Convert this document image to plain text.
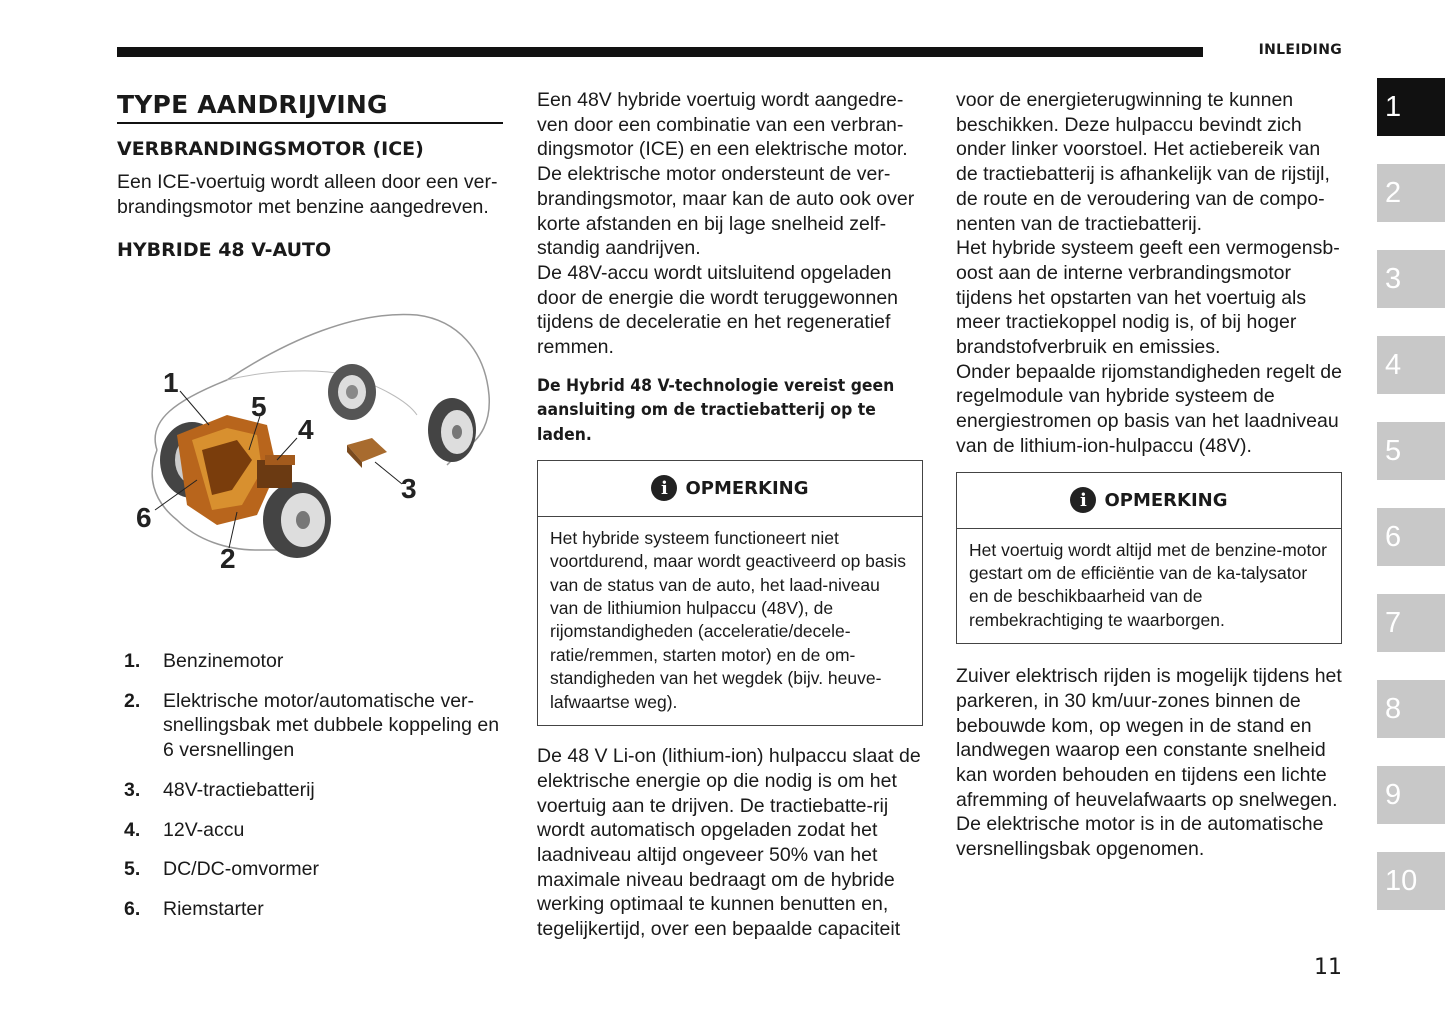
INLEIDING
1
2
3
4
5
6
7
8
9
10
TYPE AANDRIJVING
VERBRANDINGSMOTOR (ICE)

Een ICE-voertuig wordt alleen door een ver-brandingsmotor met benzine aangedreven.

HYBRIDE 48 V-AUTO
1
5
4
3
6
2
1. Benzinemotor
2. Elektrische motor/automatische ver-snellingsbak met dubbele koppeling en 6 versnellingen
3. 48V-tractiebatterij
4. 12V-accu
5. DC/DC-omvormer
6. Riemstarter

Een 48V hybride voertuig wordt aangedre-ven door een combinatie van een verbran-dingsmotor (ICE) en een elektrische motor. De elektrische motor ondersteunt de ver-brandingsmotor, maar kan de auto ook over korte afstanden en bij lage snelheid zelf-standig aandrijven.

De 48V-accu wordt uitsluitend opgeladen door de energie die wordt teruggewonnen tijdens de deceleratie en het regeneratief remmen.

De Hybrid 48 V-technologie vereist geen aansluiting om de tractiebatterij op te laden.
i OPMERKING
Het hybride systeem functioneert niet voortdurend, maar wordt geactiveerd op basis van de status van de auto, het laad-niveau van de lithiumion hulpaccu (48V), de rijomstandigheden (acceleratie/decele-ratie/remmen, starten motor) en de om-standigheden van het wegdek (bijv. heuve-lafwaartse weg).

De 48 V Li-on (lithium-ion) hulpaccu slaat de elektrische energie op die nodig is om het voertuig aan te drijven. De tractiebatte-rij wordt automatisch opgeladen zodat het laadniveau altijd ongeveer 50% van het maximale niveau bedraagt om de hybride werking optimaal te kunnen benutten en, tegelijkertijd, over een bepaalde capaciteit

voor de energieterugwinning te kunnen beschikken. Deze hulpaccu bevindt zich onder linker voorstoel. Het actiebereik van de tractiebatterij is afhankelijk van de rijstijl, de route en de veroudering van de compo-nenten van de tractiebatterij.

Het hybride systeem geeft een vermogensb-oost aan de interne verbrandingsmotor tijdens het opstarten van het voertuig als meer tractiekoppel nodig is, of bij hoger brandstofverbruik en emissies.

Onder bepaalde rijomstandigheden regelt de regelmodule van hybride systeem de energiestromen op basis van het laadniveau van de lithium-ion-hulpaccu (48V).

i OPMERKING
Het voertuig wordt altijd met de benzine-motor gestart om de efficiëntie van de ka-talysator en de beschikbaarheid van de rembekrachtiging te waarborgen.

Zuiver elektrisch rijden is mogelijk tijdens het parkeren, in 30 km/uur-zones binnen de bebouwde kom, op wegen in de stand en landwegen waarop een constante snelheid kan worden behouden en tijdens een lichte afremming of heuvelafwaarts op snelwegen. De elektrische motor is in de automatische versnellingsbak opgenomen.

11
